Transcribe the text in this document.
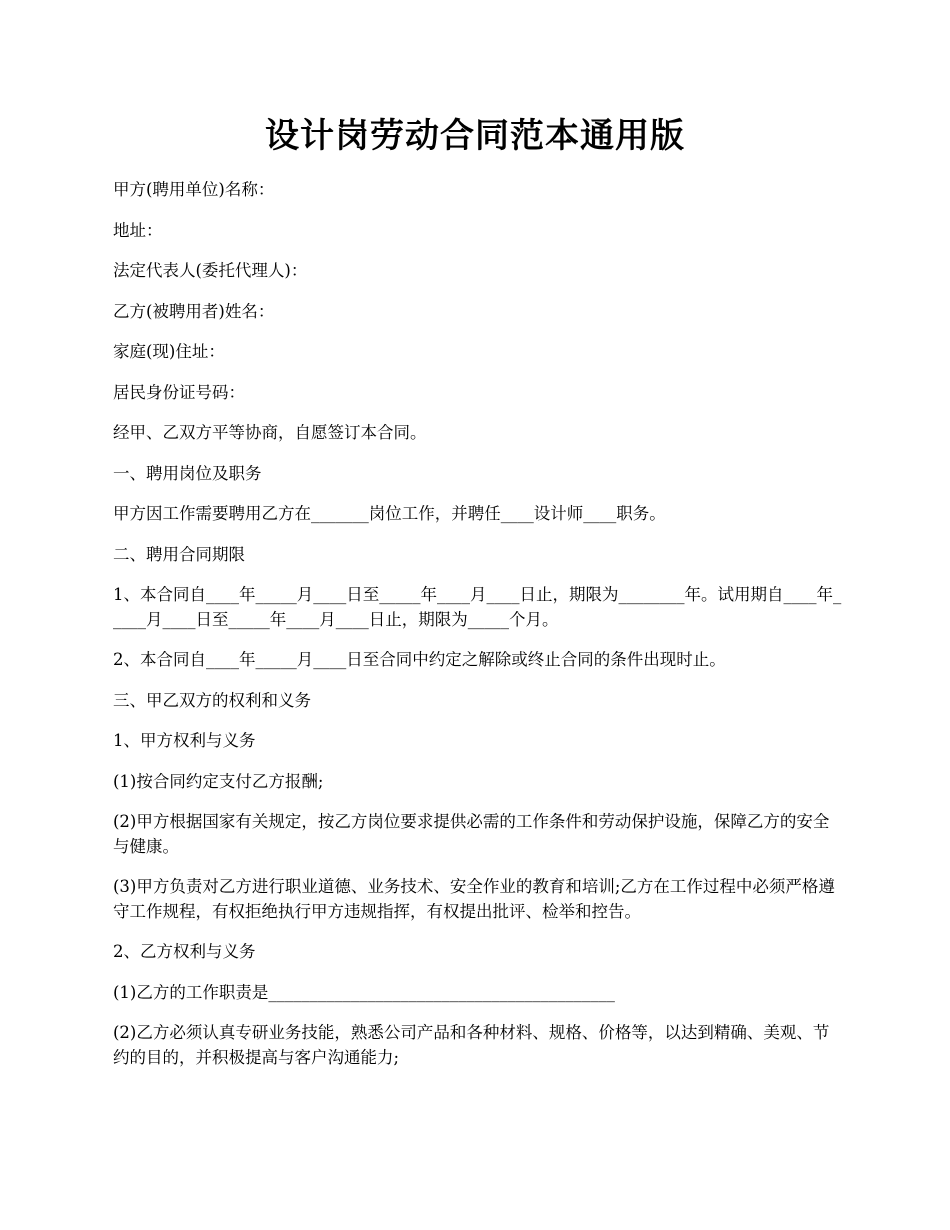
设计岗劳动合同范本通用版

甲方(聘用单位)名称：

地址：

法定代表人(委托代理人)：

乙方(被聘用者)姓名：

家庭(现)住址：

居民身份证号码：

经甲、乙双方平等协商，自愿签订本合同。

一、聘用岗位及职务

甲方因工作需要聘用乙方在_______岗位工作，并聘任____设计师____职务。

二、聘用合同期限

1、本合同自____年_____月____日至_____年____月____日止，期限为________年。试用期自____年_____月____日至_____年____月____日止，期限为_____个月。

2、本合同自____年_____月____日至合同中约定之解除或终止合同的条件出现时止。

三、甲乙双方的权利和义务

1、甲方权利与义务

(1)按合同约定支付乙方报酬;

(2)甲方根据国家有关规定，按乙方岗位要求提供必需的工作条件和劳动保护设施，保障乙方的安全与健康。

(3)甲方负责对乙方进行职业道德、业务技术、安全作业的教育和培训;乙方在工作过程中必须严格遵守工作规程，有权拒绝执行甲方违规指挥，有权提出批评、检举和控告。

2、乙方权利与义务

(1)乙方的工作职责是__________________________________________

(2)乙方必须认真专研业务技能，熟悉公司产品和各种材料、规格、价格等，以达到精确、美观、节约的目的，并积极提高与客户沟通能力;
